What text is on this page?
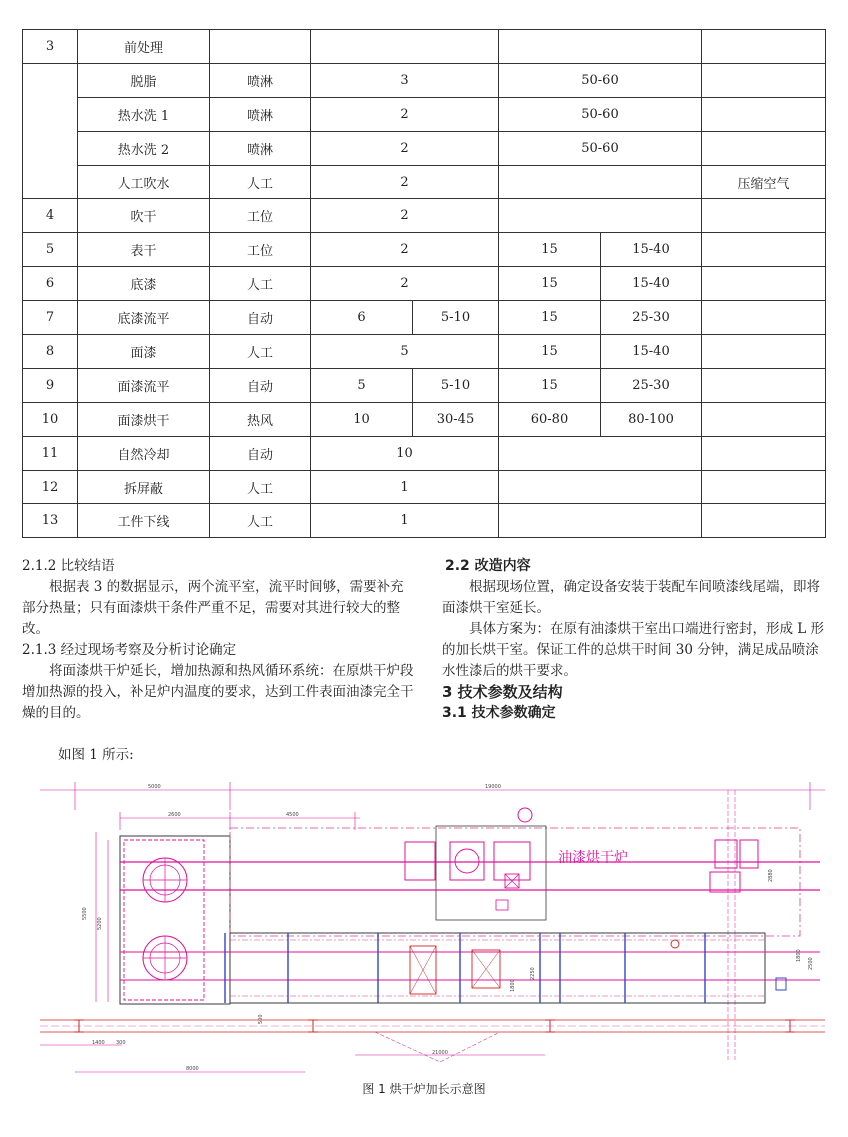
3	前处理						
	脱脂	喷淋	3		50-60		
	热水洗 1	喷淋	2		50-60		
	热水洗 2	喷淋	2		50-60		
	人工吹水	人工	2				压缩空气
4	吹干	工位	2				
5	表干	工位	2		15	15-40	
6	底漆	人工	2		15	15-40	
7	底漆流平	自动	6	5-10	15	25-30	
8	面漆	人工	5		15	15-40	
9	面漆流平	自动	5	5-10	15	25-30	
10	面漆烘干	热风	10	30-45	60-80	80-100	
11	自然冷却	自动	10				
12	拆屏蔽	人工	1				
13	工件下线	人工	1				

2.1.2 比较结语

根据表 3 的数据显示，两个流平室，流平时间够，需要补充部分热量；只有面漆烘干条件严重不足，需要对其进行较大的整改。

2.1.3 经过现场考察及分析讨论确定

将面漆烘干炉延长，增加热源和热风循环系统：在原烘干炉段增加热源的投入，补足炉内温度的要求，达到工件表面油漆完全干燥的目的。

2.2 改造内容

根据现场位置，确定设备安装于装配车间喷漆线尾端，即将面漆烘干室延长。

具体方案为：在原有油漆烘干室出口端进行密封，形成 L 形的加长烘干室。保证工件的总烘干时间 30 分钟，满足成品喷涂水性漆后的烘干要求。

3 技术参数及结构

3.1 技术参数确定

如图 1 所示:
5000	19000
2600	4500
5500
5200
油漆烘干炉
2880
1800
2500
2250
1800
500
1400 300
21000
8000
图 1 烘干炉加长示意图
